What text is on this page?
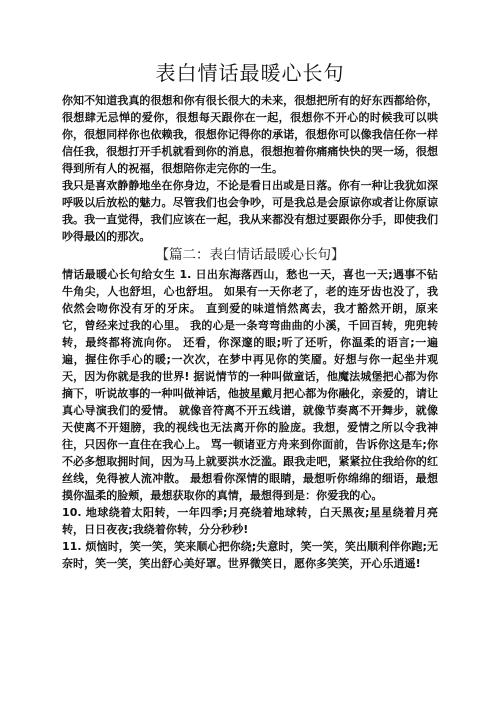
表白情话最暖心长句

你知不知道我真的很想和你有很长很大的未来，很想把所有的好东西都给你，很想肆无忌惮的爱你，很想每天跟你在一起，很想你不开心的时候我可以哄你，很想同样你也依赖我，很想你记得你的承诺，很想你可以像我信任你一样信任我，很想打开手机就看到你的消息，很想抱着你痛痛快快的哭一场，很想得到所有人的祝福，很想陪你走完你的一生。

我只是喜欢静静地坐在你身边，不论是看日出或是日落。你有一种让我犹如深呼吸以后放松的魅力。尽管我们也会争吵，可是我总是会原谅你或者让你原谅我。我一直觉得，我们应该在一起，我从来都没有想过要跟你分手，即使我们吵得最凶的那次。

【篇二：表白情话最暖心长句】

情话最暖心长句给女生 1. 日出东海落西山，愁也一天，喜也一天;遇事不钻牛角尖，人也舒坦，心也舒坦。 如果有一天你老了，老的连牙齿也没了，我依然会吻你没有牙的牙床。 直到爱的味道悄然离去，我才豁然开朗，原来它，曾经来过我的心里。 我的心是一条弯弯曲曲的小溪，千回百转，兜兜转转，最终都将流向你。 还看，你深邃的眼;听了还听，你温柔的语言;一遍遍，握住你手心的暖;一次次，在梦中再见你的笑靥。好想与你一起坐井观天，因为你就是我的世界! 据说情节的一种叫做童话，他魔法城堡把心都为你摘下，听说故事的一种叫做神话，他披星戴月把心都为你融化，亲爱的，请让真心导演我们的爱情。 就像音符离不开五线谱，就像节奏离不开舞步，就像天使离不开翅膀，我的视线也无法离开你的脸庞。我想，爱情之所以令我神往，只因你一直住在我心上。 骂一顿诸亚方舟来到你面前，告诉你这是车;你不必多想取拥时间，因为马上就要洪水泛滥。跟我走吧，紧紧拉住我给你的红丝线，免得被人流冲散。 最想看你深情的眼睛，最想听你绵绵的细语，最想摸你温柔的脸颊，最想获取你的真情，最想得到是：你爱我的心。

10. 地球绕着太阳转，一年四季;月亮绕着地球转，白天黑夜;星星绕着月亮转，日日夜夜;我绕着你转，分分秒秒!

11. 烦恼时，笑一笑，笑来顺心把你绕;失意时，笑一笑，笑出顺利伴你跑;无奈时，笑一笑，笑出舒心美好罩。世界微笑日，愿你多笑笑，开心乐逍遥!
